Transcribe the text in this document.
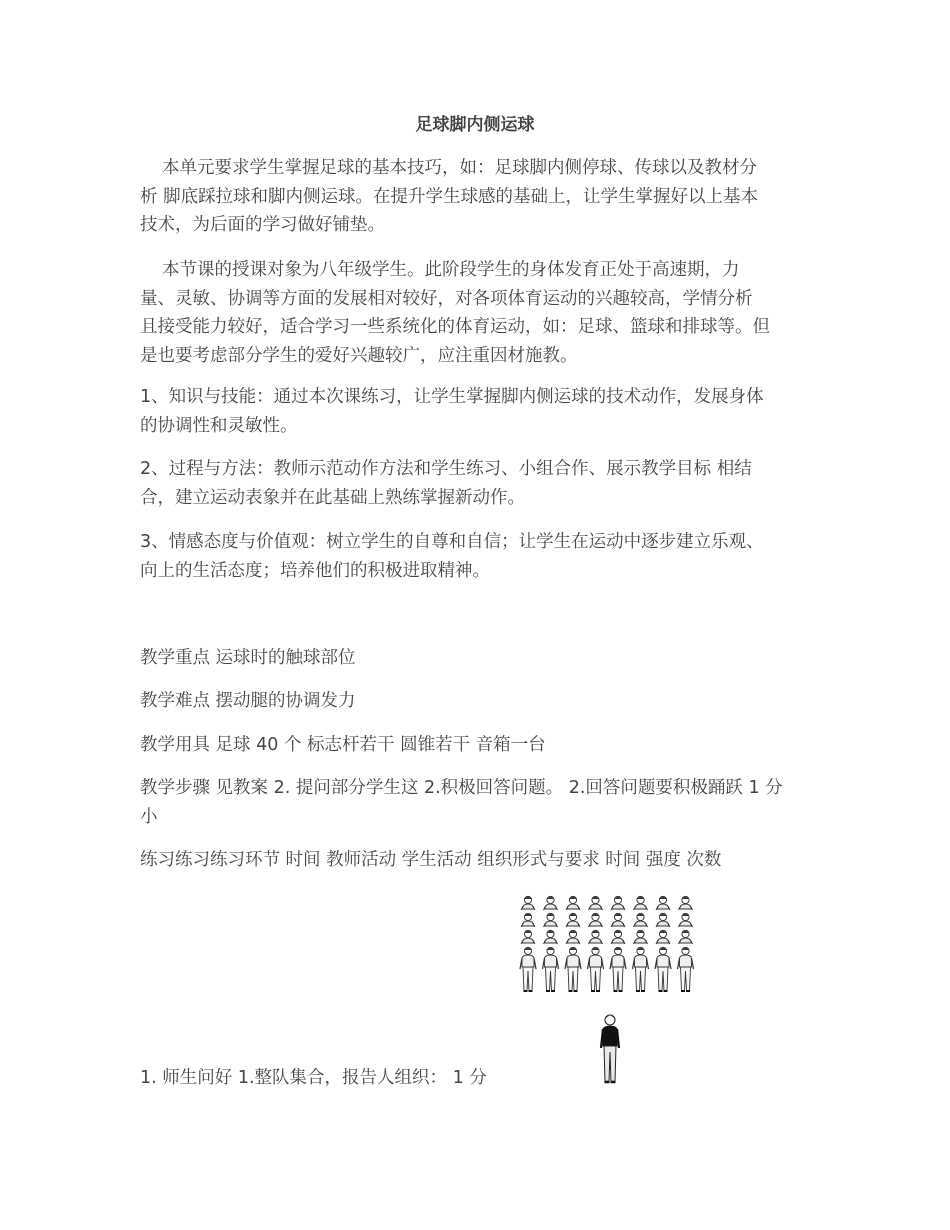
足球脚内侧运球
本单元要求学生掌握足球的基本技巧，如：足球脚内侧停球、传球以及教材分
析 脚底踩拉球和脚内侧运球。在提升学生球感的基础上，让学生掌握好以上基本
技术，为后面的学习做好铺垫。
本节课的授课对象为八年级学生。此阶段学生的身体发育正处于高速期，力
量、灵敏、协调等方面的发展相对较好，对各项体育运动的兴趣较高，学情分析
且接受能力较好，适合学习一些系统化的体育运动，如：足球、篮球和排球等。但
是也要考虑部分学生的爱好兴趣较广，应注重因材施教。
1、知识与技能：通过本次课练习，让学生掌握脚内侧运球的技术动作，发展身体
的协调性和灵敏性。
2、过程与方法：教师示范动作方法和学生练习、小组合作、展示教学目标 相结
合，建立运动表象并在此基础上熟练掌握新动作。
3、情感态度与价值观：树立学生的自尊和自信；让学生在运动中逐步建立乐观、
向上的生活态度；培养他们的积极进取精神。
教学重点 运球时的触球部位
教学难点 摆动腿的协调发力
教学用具 足球 40 个 标志杆若干 圆锥若干 音箱一台
教学步骤 见教案 2. 提问部分学生这 2.积极回答问题。 2.回答问题要积极踊跃 1 分
小
练习练习练习环节 时间 教师活动 学生活动 组织形式与要求 时间 强度 次数
1. 师生问好 1.整队集合，报告人组织： 1 分
